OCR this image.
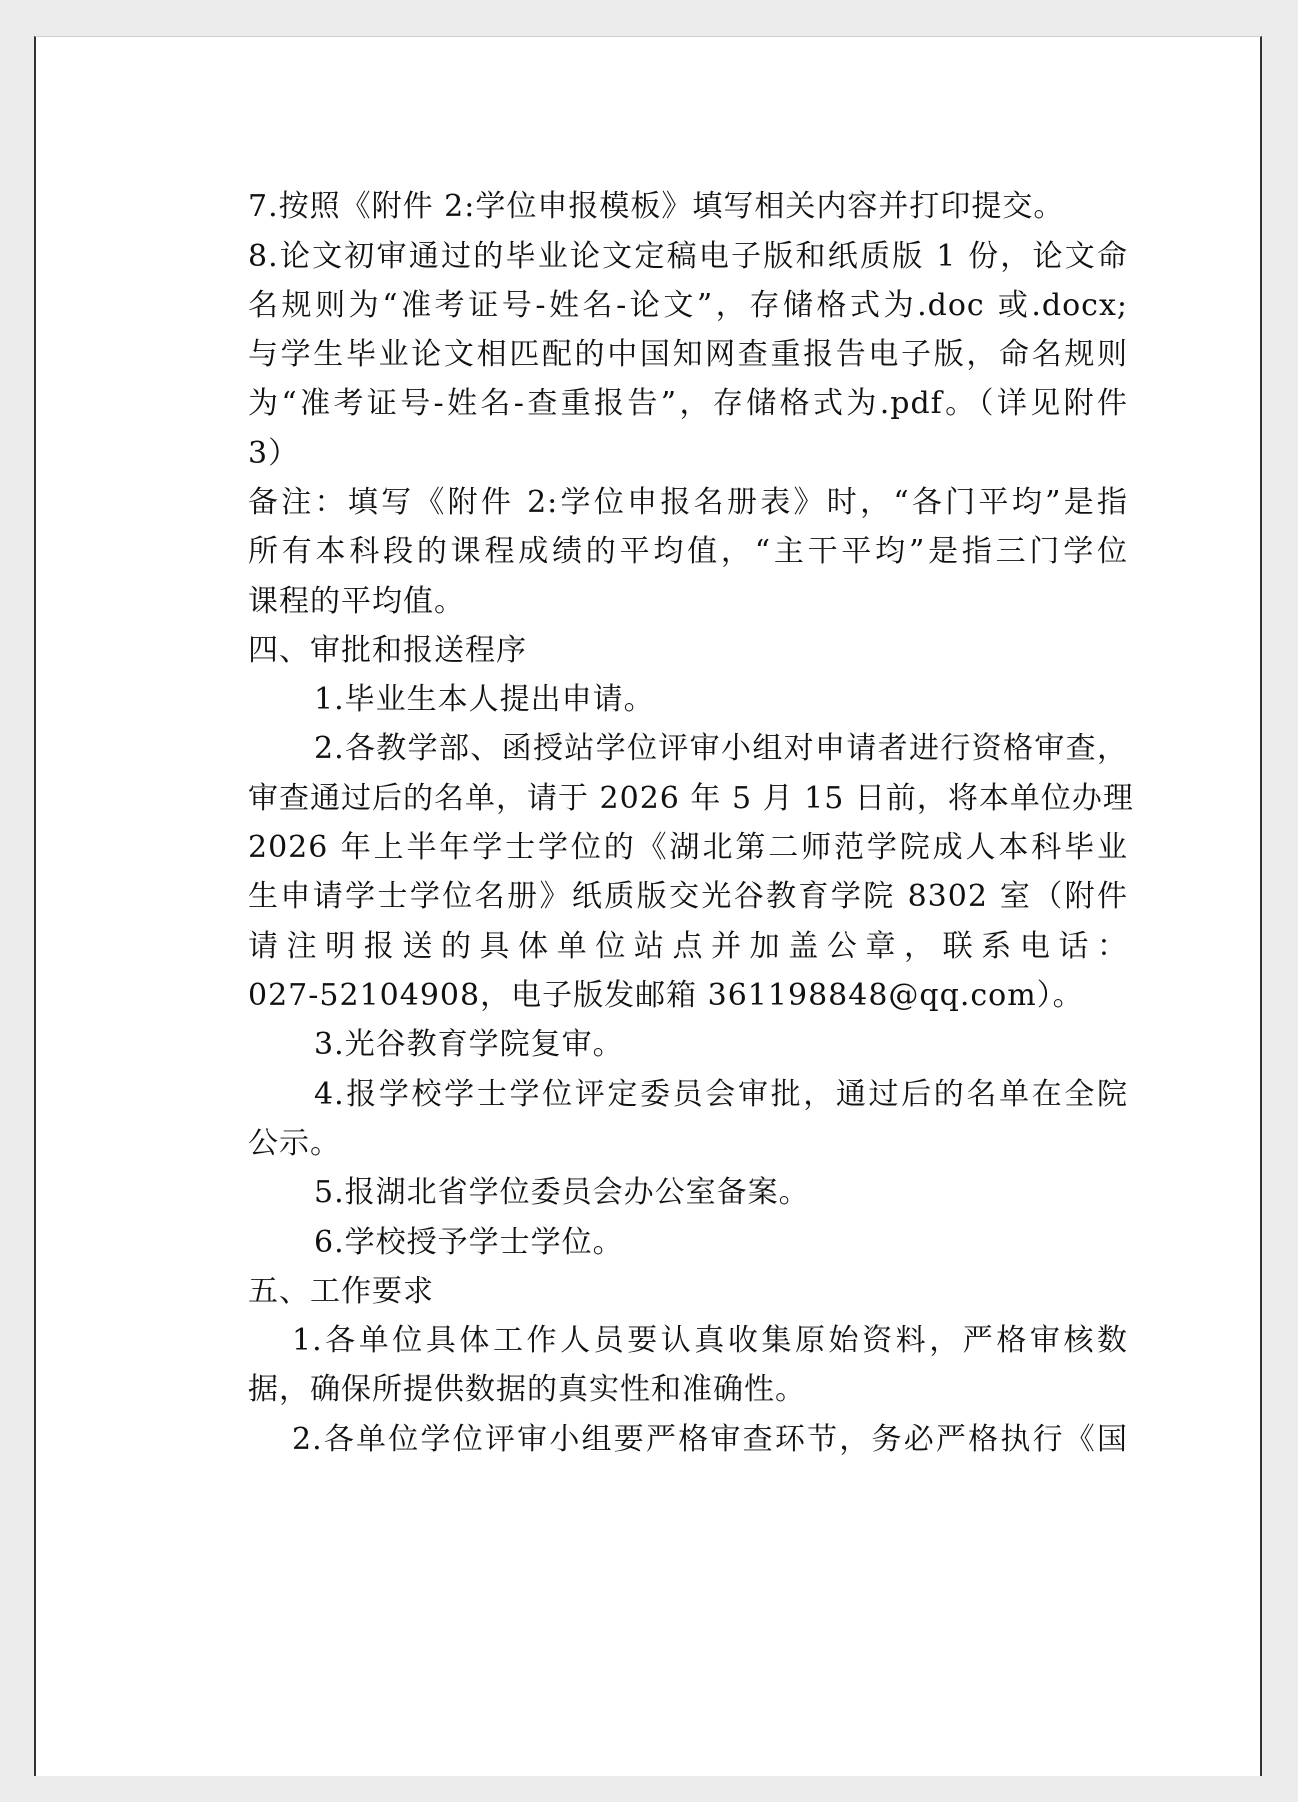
7.按照《附件 2:学位申报模板》填写相关内容并打印提交。
8.论文初审通过的毕业论文定稿电子版和纸质版 1 份，论文命
名规则为“准考证号-姓名-论文”，存储格式为.doc 或.docx;
与学生毕业论文相匹配的中国知网查重报告电子版，命名规则
为“准考证号-姓名-查重报告”，存储格式为.pdf。（详见附件
3）
备注：填写《附件 2:学位申报名册表》时，“各门平均”是指
所有本科段的课程成绩的平均值，“主干平均”是指三门学位
课程的平均值。
四、审批和报送程序
1.毕业生本人提出申请。
2.各教学部、函授站学位评审小组对申请者进行资格审查，
审查通过后的名单，请于 2026 年 5 月 15 日前，将本单位办理
2026 年上半年学士学位的《湖北第二师范学院成人本科毕业
生申请学士学位名册》纸质版交光谷教育学院 8302 室（附件
请注明报送的具体单位站点并加盖公章，联系电话：
027-52104908，电子版发邮箱 361198848@qq.com）。
3.光谷教育学院复审。
4.报学校学士学位评定委员会审批，通过后的名单在全院
公示。
5.报湖北省学位委员会办公室备案。
6.学校授予学士学位。
五、工作要求
1.各单位具体工作人员要认真收集原始资料，严格审核数
据，确保所提供数据的真实性和准确性。
2.各单位学位评审小组要严格审查环节，务必严格执行《国
